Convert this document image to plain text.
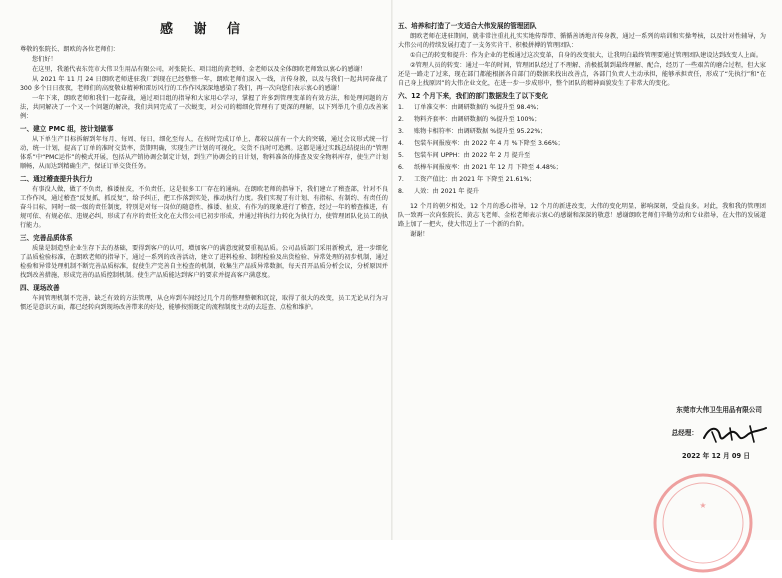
感 谢 信
尊敬的张院长、朗欧的各位老师们：
您们好！
在这里，我谨代表东莞市大伟卫生用品有限公司，对张院长、项目组的黄老师、金老师以及全体朗欧老师致以衷心的感谢！
从 2021 年 11 月 24 日朗欧老师进驻我厂到现在已经整整一年，朗欧老师们深入一线，言传身教，以及与我们一起共同奋战了 300 多个日日夜夜，老师们的高度敬业精神和雷厉风行的工作作风深深地感染了我们，再一次向您们表示衷心的感谢！
一年下来，朗欧老师和我们一起奋战，通过项目组的指导和大家用心学习，掌握了许多到管理变革的有效方法，和处理问题的方法，共同解决了一个又一个问题的解决，我们共同完成了一次蜕变，对公司的精细化管理有了更深的理解，以下列举几个重点改善案例：
一、建立 PMC 组，按计划做事
从下单生产目标拆解到年每月、每周、每日，细化至每人，在按时完成订单上，都较以前有一个大的突破，通过会议形式统一行动，统一计划，提高了订单的准时交货率，货期明确，实现生产计划的可视化，交货不良时可追溯。这都是通过实践总结提出的“管理体系”中“PMC运作”的模式开展，包括从产销协调会制定计划，到生产协调会的日计划，物料准备的排查及安全物料库存，使生产计划顺畅，从而达到精确生产，保证订单交货任务。
二、通过稽查提升执行力
有事没人做，做了不负责，推诿扯皮，不负责任，这是很多工厂存在的通病。在朗欧老师的指导下，我们建立了稽查部，针对不良工作作风，通过稽查“反复抓，抓反复”，给予纠正，把工作落到实处，推动执行力度。我们实现了有计划、有指标、有制约、有责任的奋斗目标，同时一级一级的责任制度，特别是对每一岗位的随意性、推诿、扯皮、有作为的现象进行了稽查，经过一年的稽查推进，有规可依、有规必依、违规必纠，形成了有序的责任文化在大伟公司已初步形成，并通过将执行力转化为执行力，使管理团队化员工的执行能力。
三、完善品质体系
质量是制造型企业生存下去的基础，要得到客户的认可，增加客户的满意度就要重视品质。公司品质部门采用新模式，进一步细化了品质检验标准，在朗欧老师的指导下，通过一系列的改善活动，建立了进料检验、制程检验及出货检验、异常处理的初步机制，通过检验和异常处理机制不断完善品质标准，促使生产完善自主检查的机制，收集生产品质异常数据，每天召开品质分析会议，分析原因并找到改善措施，形成完善的品质控制机制。使生产品质能达到客户的要求并提高客户满意度。
四、现场改善
车间管理机制不完善，缺乏有效的方法管理，从仓库到车间经过几个月的整理整顿和沉淀，取得了很大的改变，员工无论从行为习惯还是意识方面，都已经转向到现场改善带来的好处，能够按照既定的流程制度主动的去巡查、点检和维护。
五、培养和打造了一支适合大伟发展的管理团队
朗欧老师在进驻期间，就非常注重扎扎实实地传帮带、循循善诱地言传身教，通过一系列的培训和实操考核，以及针对性辅导，为大伟公司的持续发展打造了一支务实肯干、积极拼搏的管理团队：
①自己的转变和提升：作为企业的老板通过这次变革，自身的改变很大，让我明白最终管理要通过管理团队建设达到改变人上面。
②管理人员的转变：通过一年的时间，管理团队经过了不理解、消极抵制到最终理解、配合，经历了一些艰苦的磨合过程，但大家还是一路走了过来，现在部门都能根据各自部门的数据来找出改善点，各部门负责人主动承担，能够承担责任，形成了“先执行”和“在自己身上找原因”的大伟企业文化，在进一步一步成形中，整个团队的精神面貌发生了非常大的变化。
六、12 个月下来，我们的部门数据发生了以下变化
1.	订单准交率：由调研数据的 %提升至 98.4%；
2.	物料齐套率：由调研数据的 %提升至 100%；
3.	账物卡相符率：由调研数据 %提升至 95.22%；
4.	包装车间报废率：由 2022 年 4 月 %下降至 3.66%；
5.	包装车间 UPPH：由 2022 年 2 月 提升至
6.	纸棒车间报废率：由 2021 年 12 月 下降至 4.48%；
7.	工资产值比：由 2021 年 下降至 21.61%；
8.	人效：由 2021 年 提升
12 个月的朝夕相处，12 个月的悉心指导，12 个月的新进改变，大伟的变化明显，影响深刻，受益良多。对此，我和我的管理团队一致再一次向张院长、黄志飞老师、金松老师表示衷心的感谢和深深的敬意！感谢朗欧老师们辛勤劳动和专业指导，在大伟的发展道路上加了一把火，使大伟迈上了一个新的台阶。
谢谢！
东莞市大伟卫生用品有限公司
总经理：
2022 年 12 月 09 日
★
